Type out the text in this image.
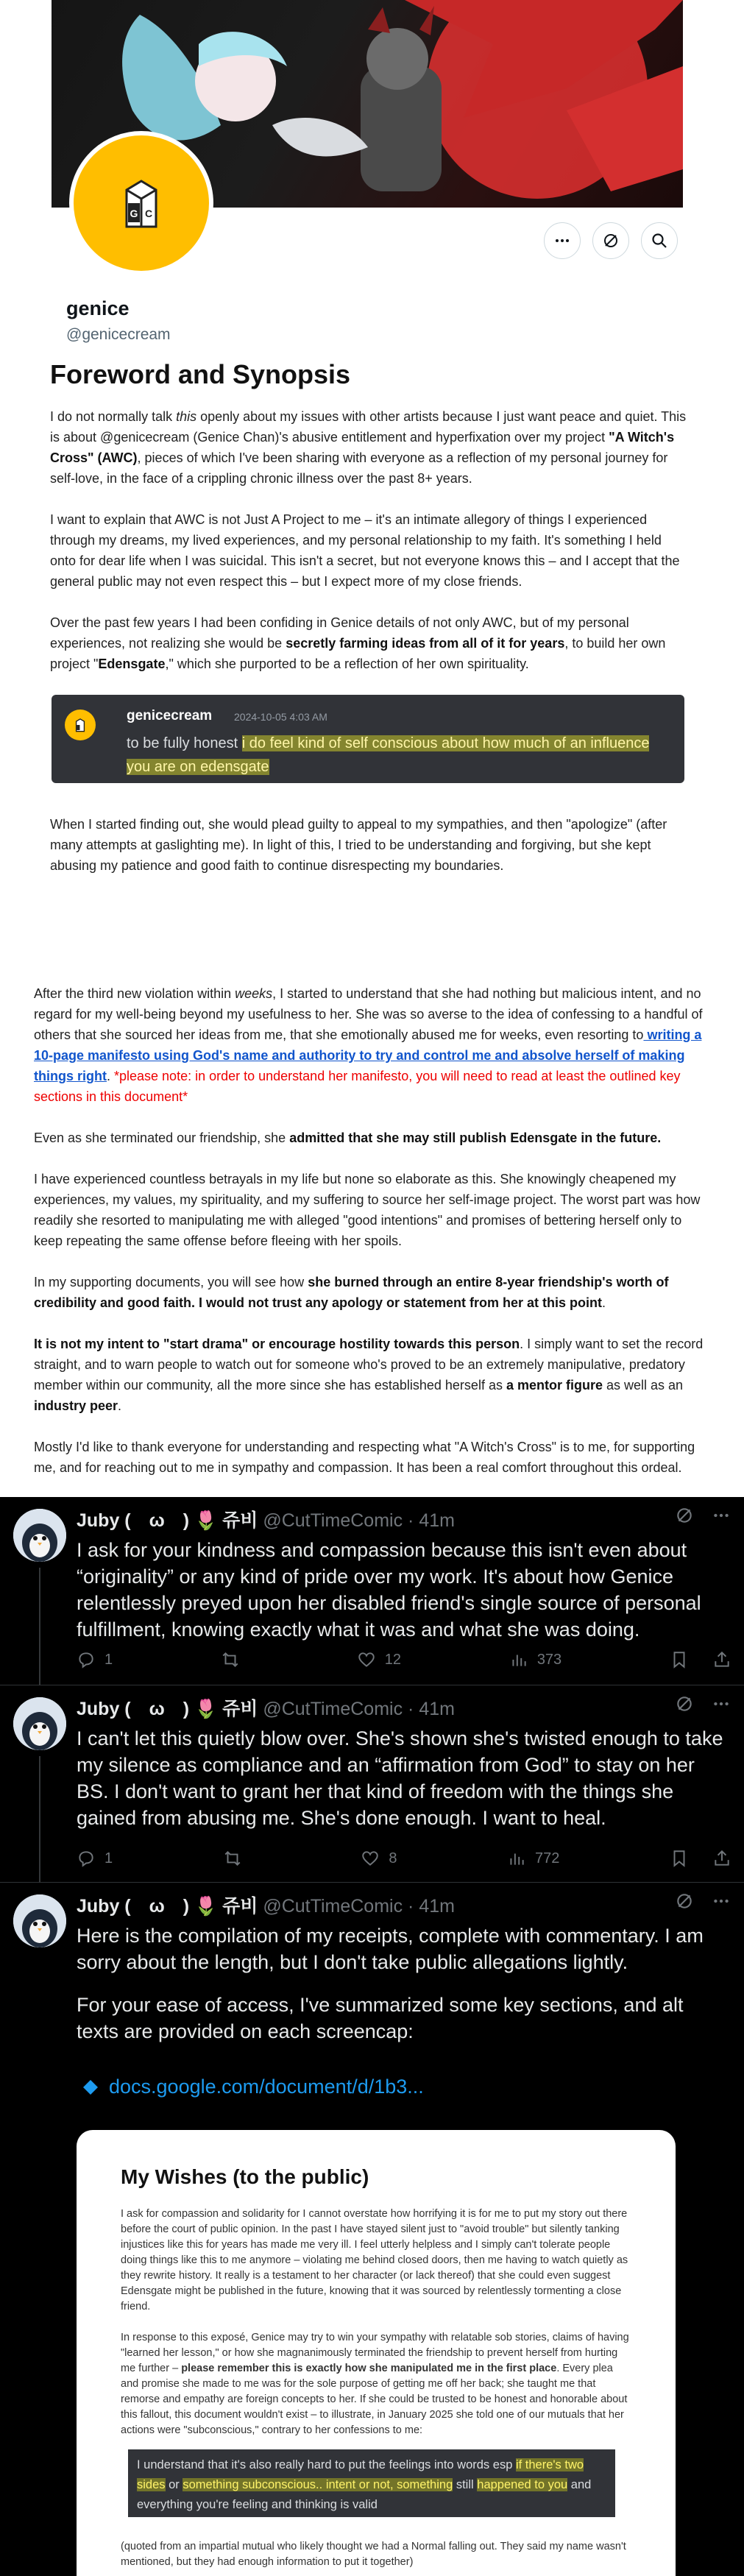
G C
genice
@genicecream
Foreword and Synopsis

I do not normally talk this openly about my issues with other artists because I just want peace and quiet. This is about @genicecream (Genice Chan)'s abusive entitlement and hyperfixation over my project "A Witch's Cross" (AWC), pieces of which I've been sharing with everyone as a reflection of my personal journey for self-love, in the face of a crippling chronic illness over the past 8+ years.

I want to explain that AWC is not Just A Project to me – it's an intimate allegory of things I experienced through my dreams, my lived experiences, and my personal relationship to my faith. It's something I held onto for dear life when I was suicidal. This isn't a secret, but not everyone knows this – and I accept that the general public may not even respect this – but I expect more of my close friends.

Over the past few years I had been confiding in Genice details of not only AWC, but of my personal experiences, not realizing she would be secretly farming ideas from all of it for years, to build her own project "Edensgate," which she purported to be a reflection of her own spirituality.

genicecream 2024-10-05 4:03 AM
to be fully honest i do feel kind of self conscious about how much of an influence you are on edensgate

When I started finding out, she would plead guilty to appeal to my sympathies, and then "apologize" (after many attempts at gaslighting me). In light of this, I tried to be understanding and forgiving, but she kept abusing my patience and good faith to continue disrespecting my boundaries.

After the third new violation within weeks, I started to understand that she had nothing but malicious intent, and no regard for my well-being beyond my usefulness to her. She was so averse to the idea of confessing to a handful of others that she sourced her ideas from me, that she emotionally abused me for weeks, even resorting to writing a 10-page manifesto using God's name and authority to try and control me and absolve herself of making things right. *please note: in order to understand her manifesto, you will need to read at least the outlined key sections in this document*

Even as she terminated our friendship, she admitted that she may still publish Edensgate in the future.

I have experienced countless betrayals in my life but none so elaborate as this. She knowingly cheapened my experiences, my values, my spirituality, and my suffering to source her self-image project. The worst part was how readily she resorted to manipulating me with alleged "good intentions" and promises of bettering herself only to keep repeating the same offense before fleeing with her spoils.

In my supporting documents, you will see how she burned through an entire 8-year friendship's worth of credibility and good faith. I would not trust any apology or statement from her at this point.

It is not my intent to "start drama" or encourage hostility towards this person. I simply want to set the record straight, and to warn people to watch out for someone who's proved to be an extremely manipulative, predatory member within our community, all the more since she has established herself as a mentor figure as well as an industry peer.

Mostly I'd like to thank everyone for understanding and respecting what "A Witch's Cross" is to me, for supporting me, and for reaching out to me in sympathy and compassion. It has been a real comfort throughout this ordeal.

Juby (　ω　) 🌷 쥬비 @CutTimeComic · 41m
I ask for your kindness and compassion because this isn't even about “originality” or any kind of pride over my work. It's about how Genice relentlessly preyed upon her disabled friend's single source of personal fulfillment, knowing exactly what it was and what she was doing.
1	12	373
Juby (　ω　) 🌷 쥬비 @CutTimeComic · 41m
I can't let this quietly blow over. She's shown she's twisted enough to take my silence as compliance and an “affirmation from God” to stay on her BS. I don't want to grant her that kind of freedom with the things she gained from abusing me. She's done enough. I want to heal.
1	8	772
Juby (　ω　) 🌷 쥬비 @CutTimeComic · 41m
Here is the compilation of my receipts, complete with commentary. I am sorry about the length, but I don't take public allegations lightly.
For your ease of access, I've summarized some key sections, and alt texts are provided on each screencap:
docs.google.com/document/d/1b3...
My Wishes (to the public)
I ask for compassion and solidarity for I cannot overstate how horrifying it is for me to put my story out there before the court of public opinion. In the past I have stayed silent just to "avoid trouble" but silently tanking injustices like this for years has made me very ill. I feel utterly helpless and I simply can't tolerate people doing things like this to me anymore – violating me behind closed doors, then me having to watch quietly as they rewrite history. It really is a testament to her character (or lack thereof) that she could even suggest Edensgate might be published in the future, knowing that it was sourced by relentlessly tormenting a close friend.
In response to this exposé, Genice may try to win your sympathy with relatable sob stories, claims of having "learned her lesson," or how she magnanimously terminated the friendship to prevent herself from hurting me further – please remember this is exactly how she manipulated me in the first place. Every plea and promise she made to me was for the sole purpose of getting me off her back; she taught me that remorse and empathy are foreign concepts to her. If she could be trusted to be honest and honorable about this fallout, this document wouldn't exist – to illustrate, in January 2025 she told one of our mutuals that her actions were "subconscious," contrary to her confessions to me:
I understand that it's also really hard to put the feelings into words esp if there's two sides or something subconscious.. intent or not, something still happened to you and everything you're feeling and thinking is valid
(quoted from an impartial mutual who likely thought we had a Normal falling out. They said my name wasn't mentioned, but they had enough information to put it together)
